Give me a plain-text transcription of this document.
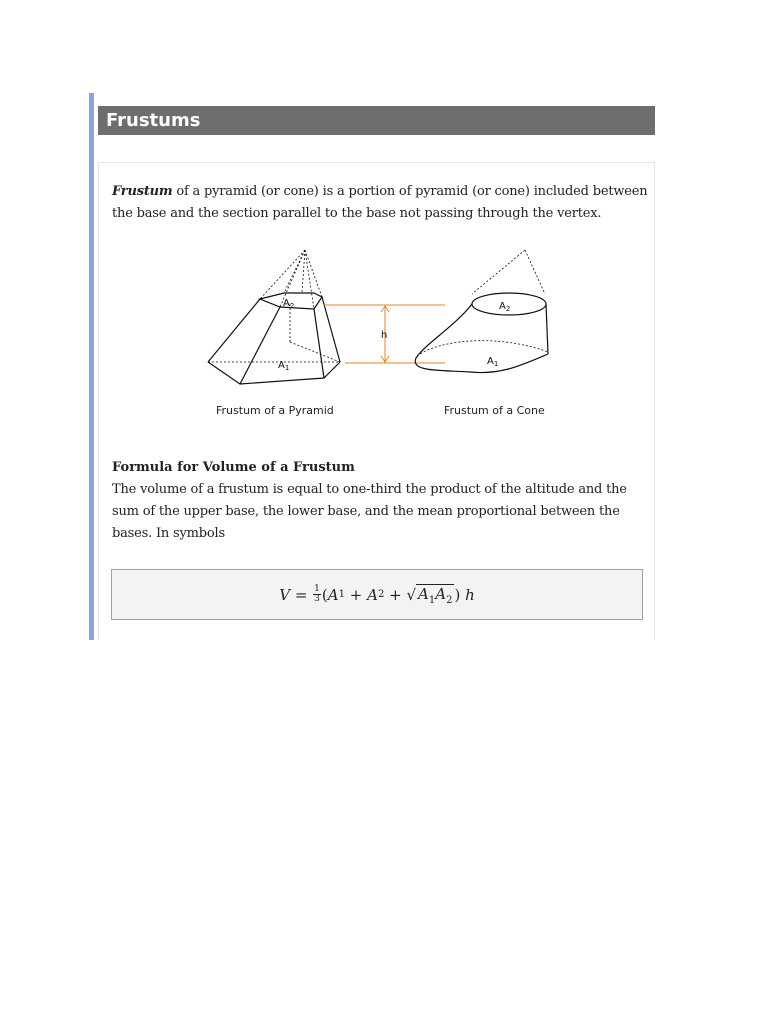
Frustums

Frustum of a pyramid (or cone) is a portion of pyramid (or cone) included between the base and the section parallel to the base not passing through the vertex.

$A_2$
$A_1$
h
$A_2$
$A_1$
Frustum of a Pyramid	Frustum of a Cone
Formula for Volume of a Frustum

The volume of a frustum is equal to one-third the product of the altitude and the sum of the upper base, the lower base, and the mean proportional between the bases. In symbols

V
=
$\frac{1}{3}$ ( A 1
+
A 2
+
√ $A_1A_2$ )
h
